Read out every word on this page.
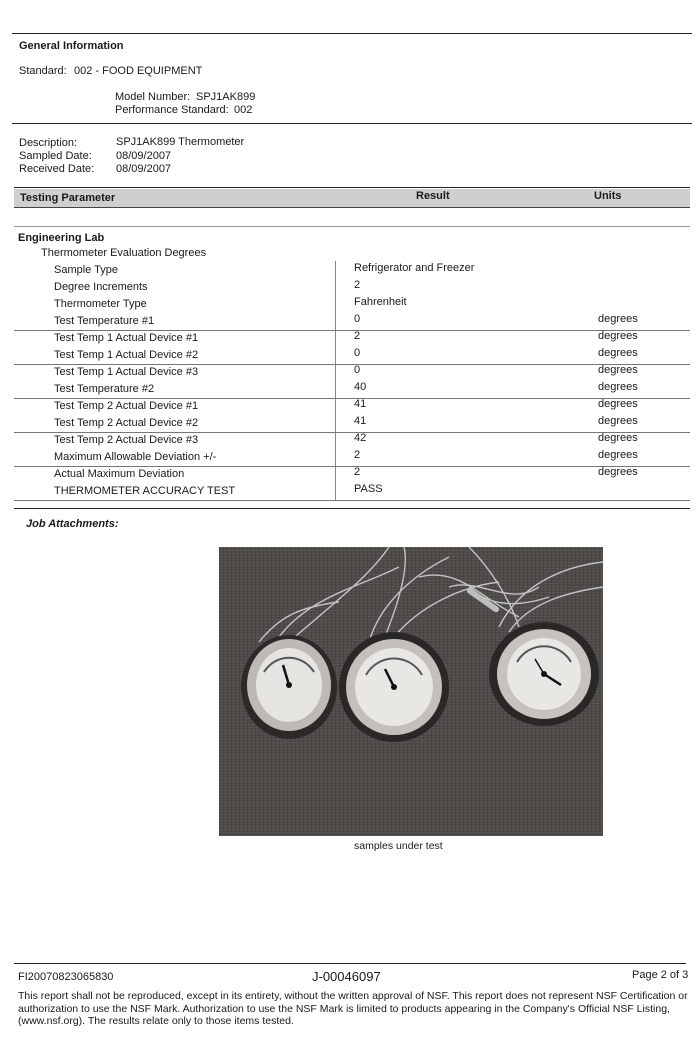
General Information
Standard: 002 - FOOD EQUIPMENT
Model Number: SPJ1AK899
Performance Standard: 002
Description:	SPJ1AK899 Thermometer
Sampled Date: 08/09/2007
Received Date: 08/09/2007
Testing Parameter	Result	Units
Engineering Lab
Thermometer Evaluation Degrees
Sample Type	Refrigerator and Freezer
Degree Increments	2
Thermometer Type	Fahrenheit
Test Temperature #1	0	degrees
Test Temp 1 Actual Device #1	2	degrees
Test Temp 1 Actual Device #2	0	degrees
Test Temp 1 Actual Device #3	0	degrees
Test Temperature #2	40	degrees
Test Temp 2 Actual Device #1	41	degrees
Test Temp 2 Actual Device #2	41	degrees
Test Temp 2 Actual Device #3	42	degrees
Maximum Allowable Deviation +/-	2	degrees
Actual Maximum Deviation	2	degrees
THERMOMETER ACCURACY TEST	PASS
Job Attachments:
samples under test
FI20070823065830	J-00046097	Page 2 of 3
This report shall not be reproduced, except in its entirety, without the written approval of NSF. This report does not represent NSF Certification or authorization to use the NSF Mark. Authorization to use the NSF Mark is limited to products appearing in the Company's Official NSF Listing, (www.nsf.org). The results relate only to those items tested.
